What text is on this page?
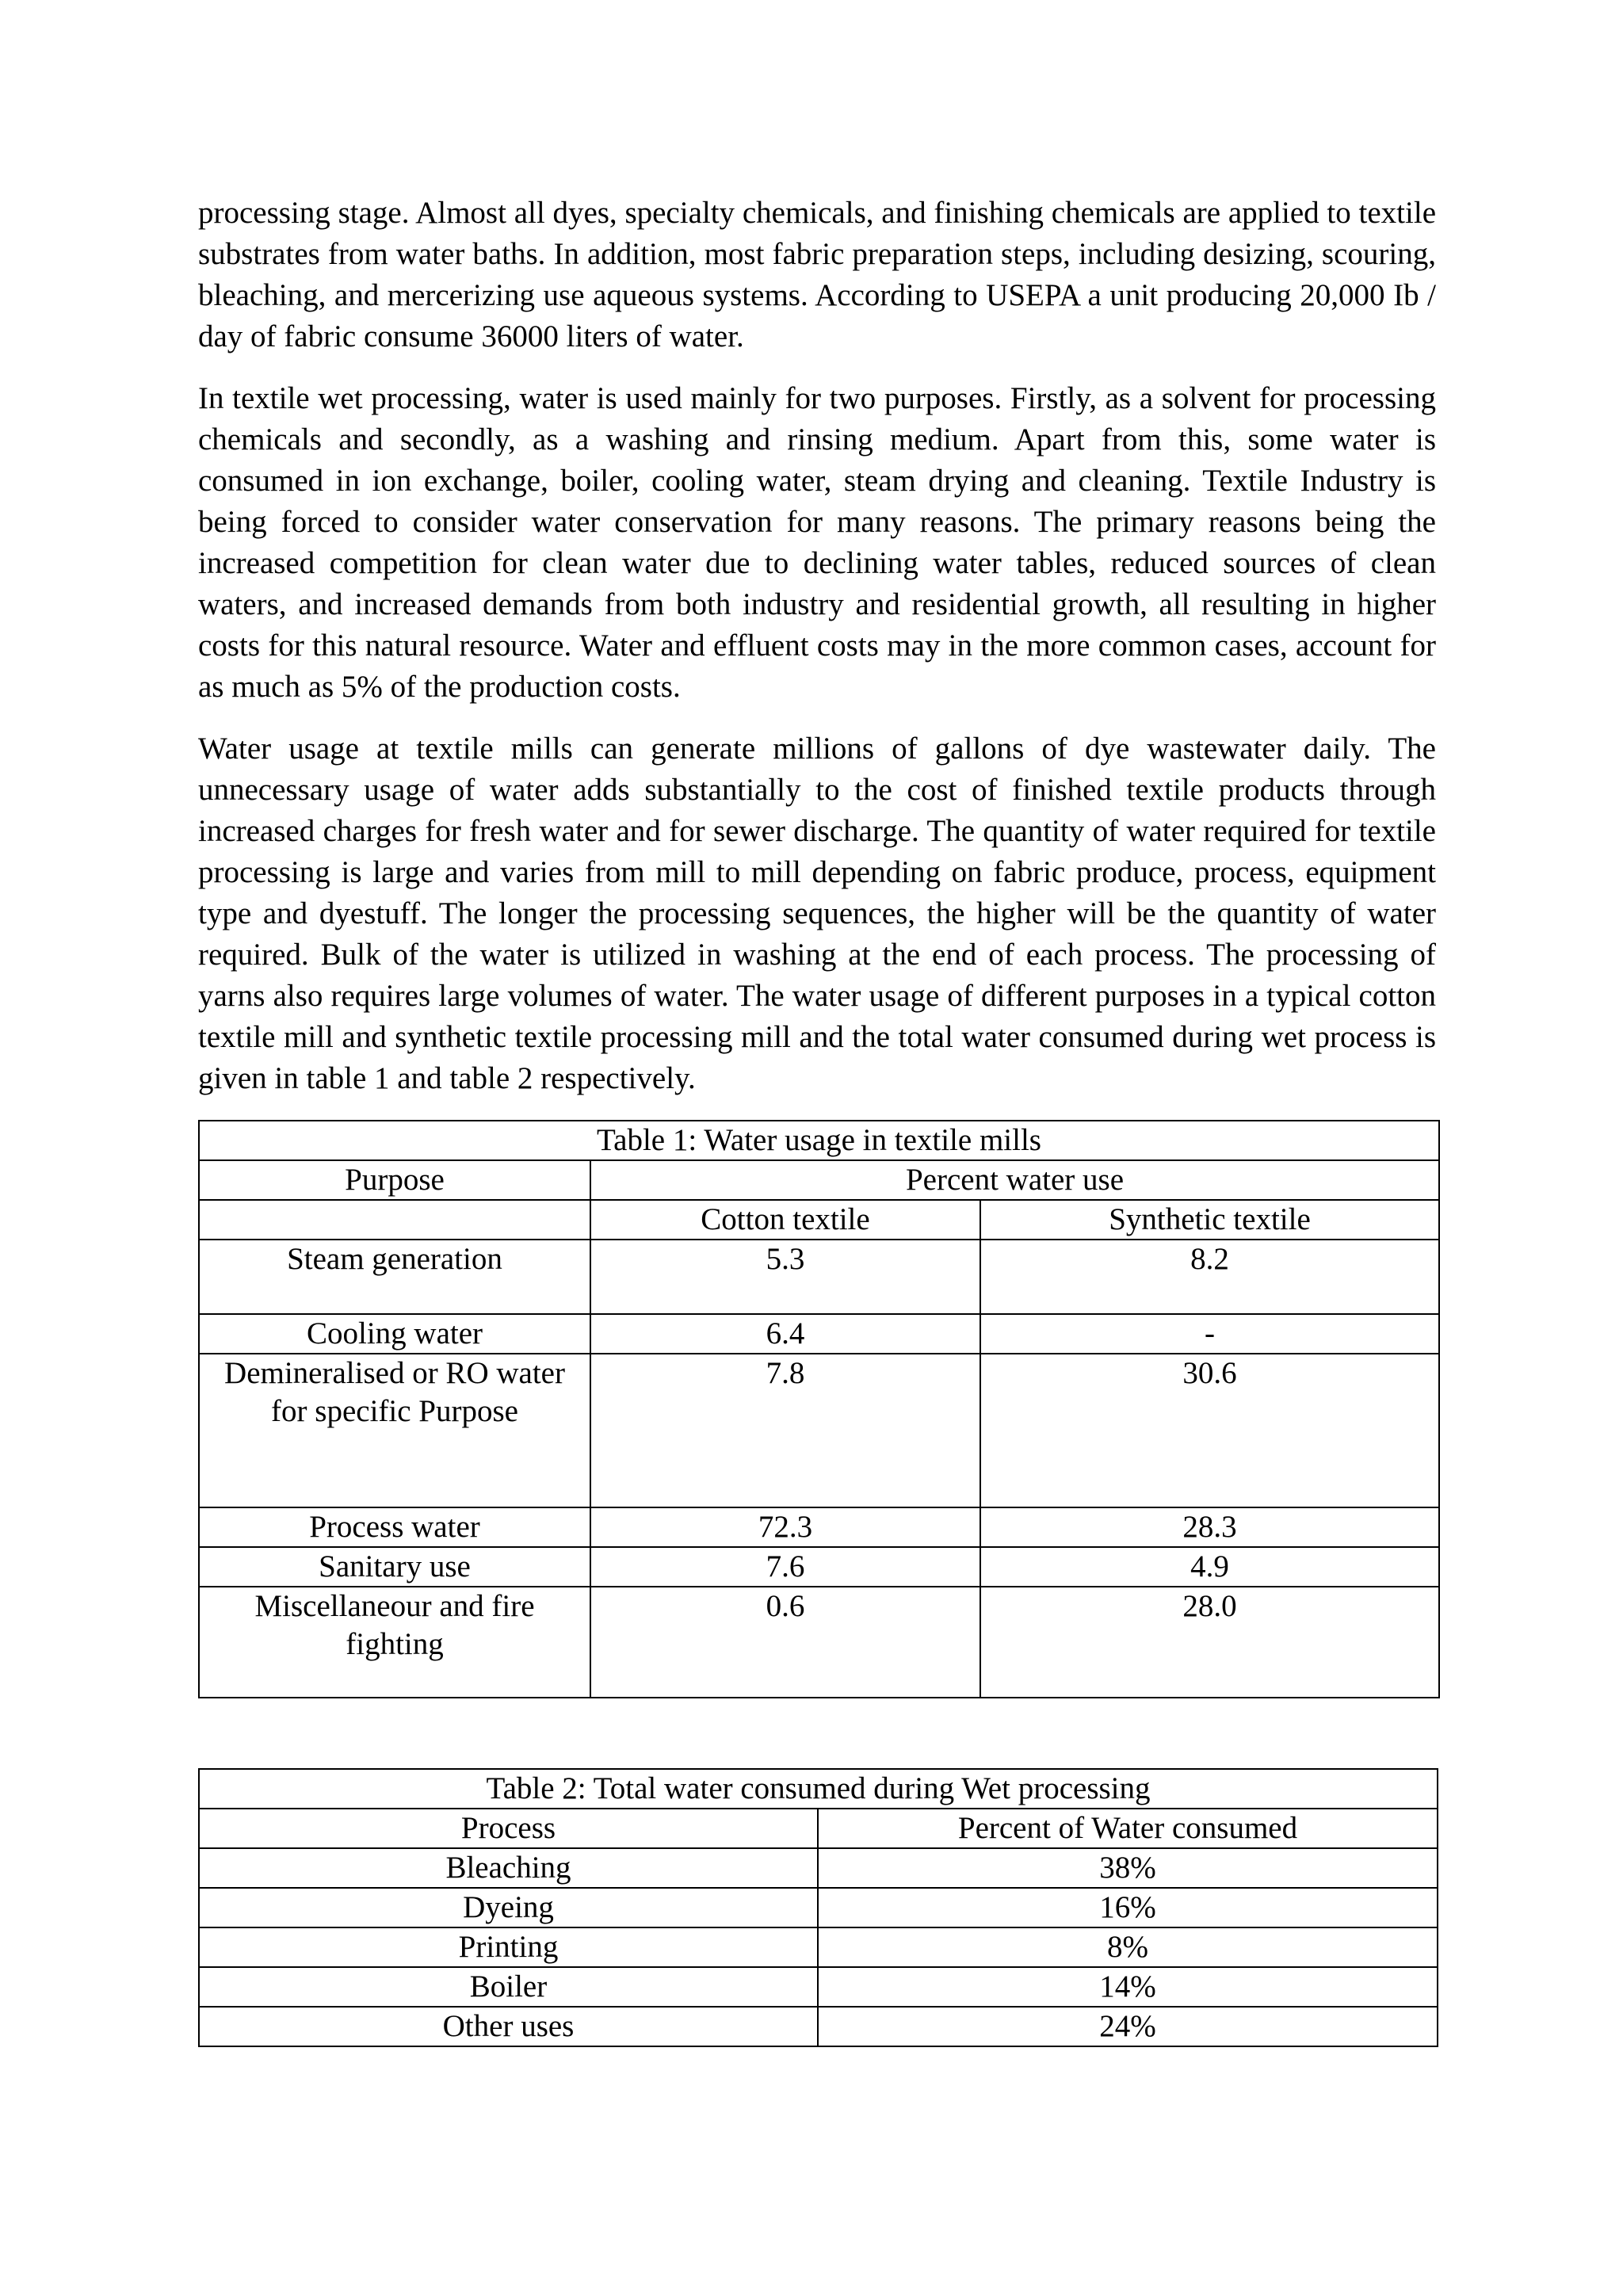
processing stage. Almost all dyes, specialty chemicals, and finishing chemicals are applied to textile substrates from water baths. In addition, most fabric preparation steps, including desizing, scouring, bleaching, and mercerizing use aqueous systems. According to USEPA a unit producing 20,000 Ib / day of fabric consume 36000 liters of water.

In textile wet processing, water is used mainly for two purposes. Firstly, as a solvent for processing chemicals and secondly, as a washing and rinsing medium. Apart from this, some water is consumed in ion exchange, boiler, cooling water, steam drying and cleaning. Textile Industry is being forced to consider water conservation for many reasons. The primary reasons being the increased competition for clean water due to declining water tables, reduced sources of clean waters, and increased demands from both industry and residential growth, all resulting in higher costs for this natural resource. Water and effluent costs may in the more common cases, account for as much as 5% of the production costs.

Water usage at textile mills can generate millions of gallons of dye wastewater daily. The unnecessary usage of water adds substantially to the cost of finished textile products through increased charges for fresh water and for sewer discharge. The quantity of water required for textile processing is large and varies from mill to mill depending on fabric produce, process, equipment type and dyestuff. The longer the processing sequences, the higher will be the quantity of water required. Bulk of the water is utilized in washing at the end of each process. The processing of yarns also requires large volumes of water. The water usage of different purposes in a typical cotton textile mill and synthetic textile processing mill and the total water consumed during wet process is given in table 1 and table 2 respectively.

Table 1: Water usage in textile mills		
Purpose	Percent water use	
	Cotton textile	Synthetic textile
Steam generation	5.3	8.2
Cooling water	6.4	-
Demineralised or RO water for specific Purpose	7.8	30.6
Process water	72.3	28.3
Sanitary use	7.6	4.9
Miscellaneour and fire fighting	0.6	28.0
Table 2: Total water consumed during Wet processing	
Process	Percent of Water consumed
Bleaching	38%
Dyeing	16%
Printing	8%
Boiler	14%
Other uses	24%
